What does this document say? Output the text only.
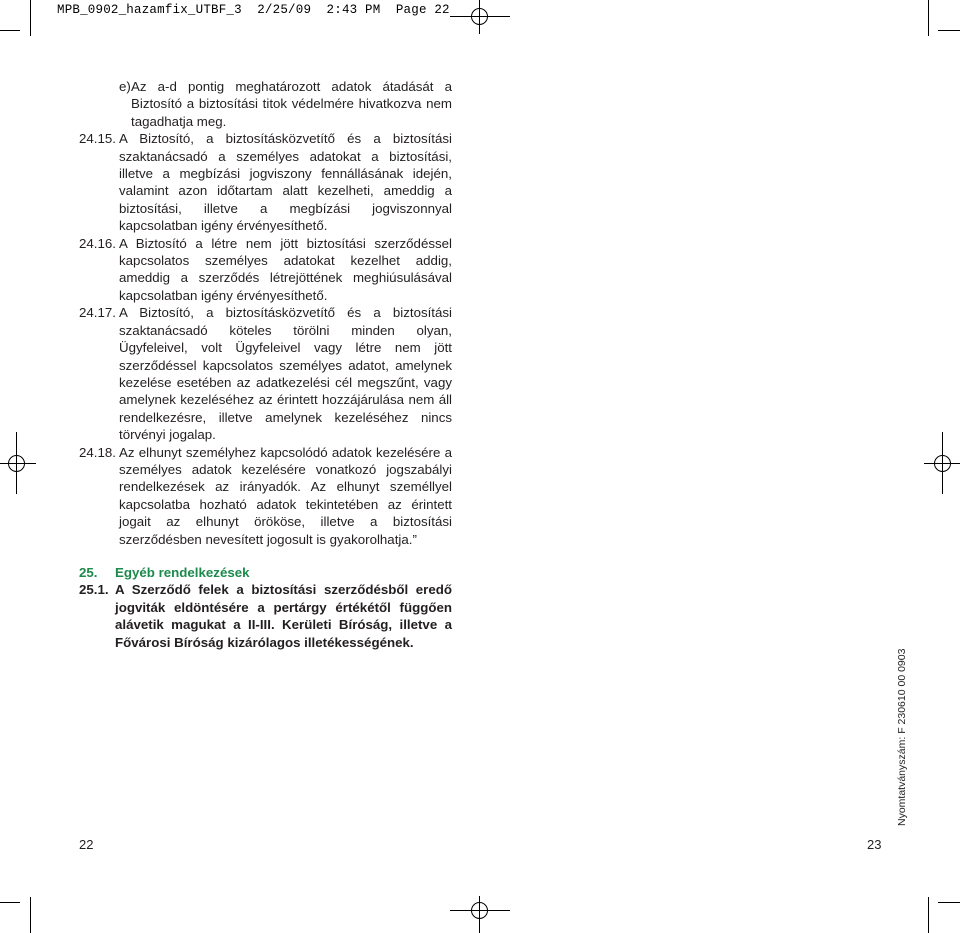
MPB_0902_hazamfix_UTBF_3  2/25/09  2:43 PM  Page 22
e) Az a-d pontig meghatározott adatok átadását a Biztosító a biztosítási titok védelmére hivatkozva nem tagadhatja meg.
24.15. A Biztosító, a biztosításközvetítő és a biztosítási szaktanácsadó a személyes adatokat a biztosítási, illetve a megbízási jogviszony fennállásának idején, valamint azon időtartam alatt kezelheti, ameddig a biztosítási, illetve a megbízási jogviszonnyal kapcsolatban igény érvényesíthető.
24.16. A Biztosító a létre nem jött biztosítási szerződéssel kapcsolatos személyes adatokat kezelhet addig, ameddig a szerződés létrejöttének meghiúsulásával kapcsolatban igény érvényesíthető.
24.17. A Biztosító, a biztosításközvetítő és a biztosítási szaktanácsadó köteles törölni minden olyan, Ügyfeleivel, volt Ügyfeleivel vagy létre nem jött szerződéssel kapcsolatos személyes adatot, amelynek kezelése esetében az adatkezelési cél megszűnt, vagy amelynek kezeléséhez az érintett hozzájárulása nem áll rendelkezésre, illetve amelynek kezeléséhez nincs törvényi jogalap.
24.18. Az elhunyt személyhez kapcsolódó adatok kezelésére a személyes adatok kezelésére vonatkozó jogszabályi rendelkezések az irányadók. Az elhunyt személlyel kapcsolatba hozható adatok tekintetében az érintett jogait az elhunyt örököse, illetve a biztosítási szerződésben nevesített jogosult is gyakorolhatja.”
25.	Egyéb rendelkezések
25.1. A Szerződő felek a biztosítási szerződésből eredő jogviták eldöntésére a pertárgy értékétől függően alávetik magukat a II-III. Kerületi Bíróság, illetve a Fővárosi Bíróság kizárólagos illetékességének.
22	23
Nyomtatványszám: F 230610 00 0903
